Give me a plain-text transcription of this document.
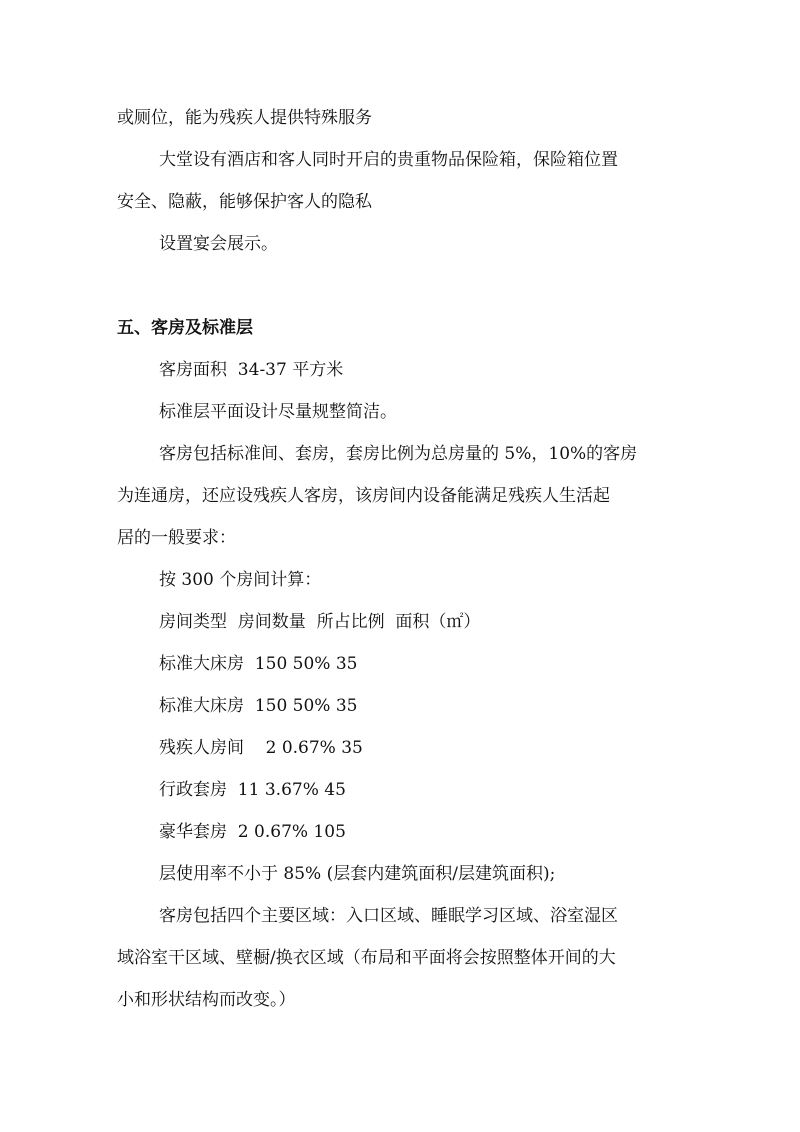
或厕位，能为残疾人提供特殊服务
大堂设有酒店和客人同时开启的贵重物品保险箱，保险箱位置
安全、隐蔽，能够保护客人的隐私
设置宴会展示。
五、客房及标准层
客房面积  34-37 平方米
标准层平面设计尽量规整简洁。
客房包括标准间、套房，套房比例为总房量的 5%，10%的客房
为连通房，还应设残疾人客房，该房间内设备能满足残疾人生活起
居的一般要求：
按 300 个房间计算：
房间类型  房间数量  所占比例  面积（㎡）
标准大床房  150 50% 35
标准大床房  150 50% 35
残疾人房间    2 0.67% 35
行政套房  11 3.67% 45
豪华套房  2 0.67% 105
层使用率不小于 85% (层套内建筑面积/层建筑面积);
客房包括四个主要区域：入口区域、睡眠学习区域、浴室湿区
域浴室干区域、壁橱/换衣区域（布局和平面将会按照整体开间的大
小和形状结构而改变。）
